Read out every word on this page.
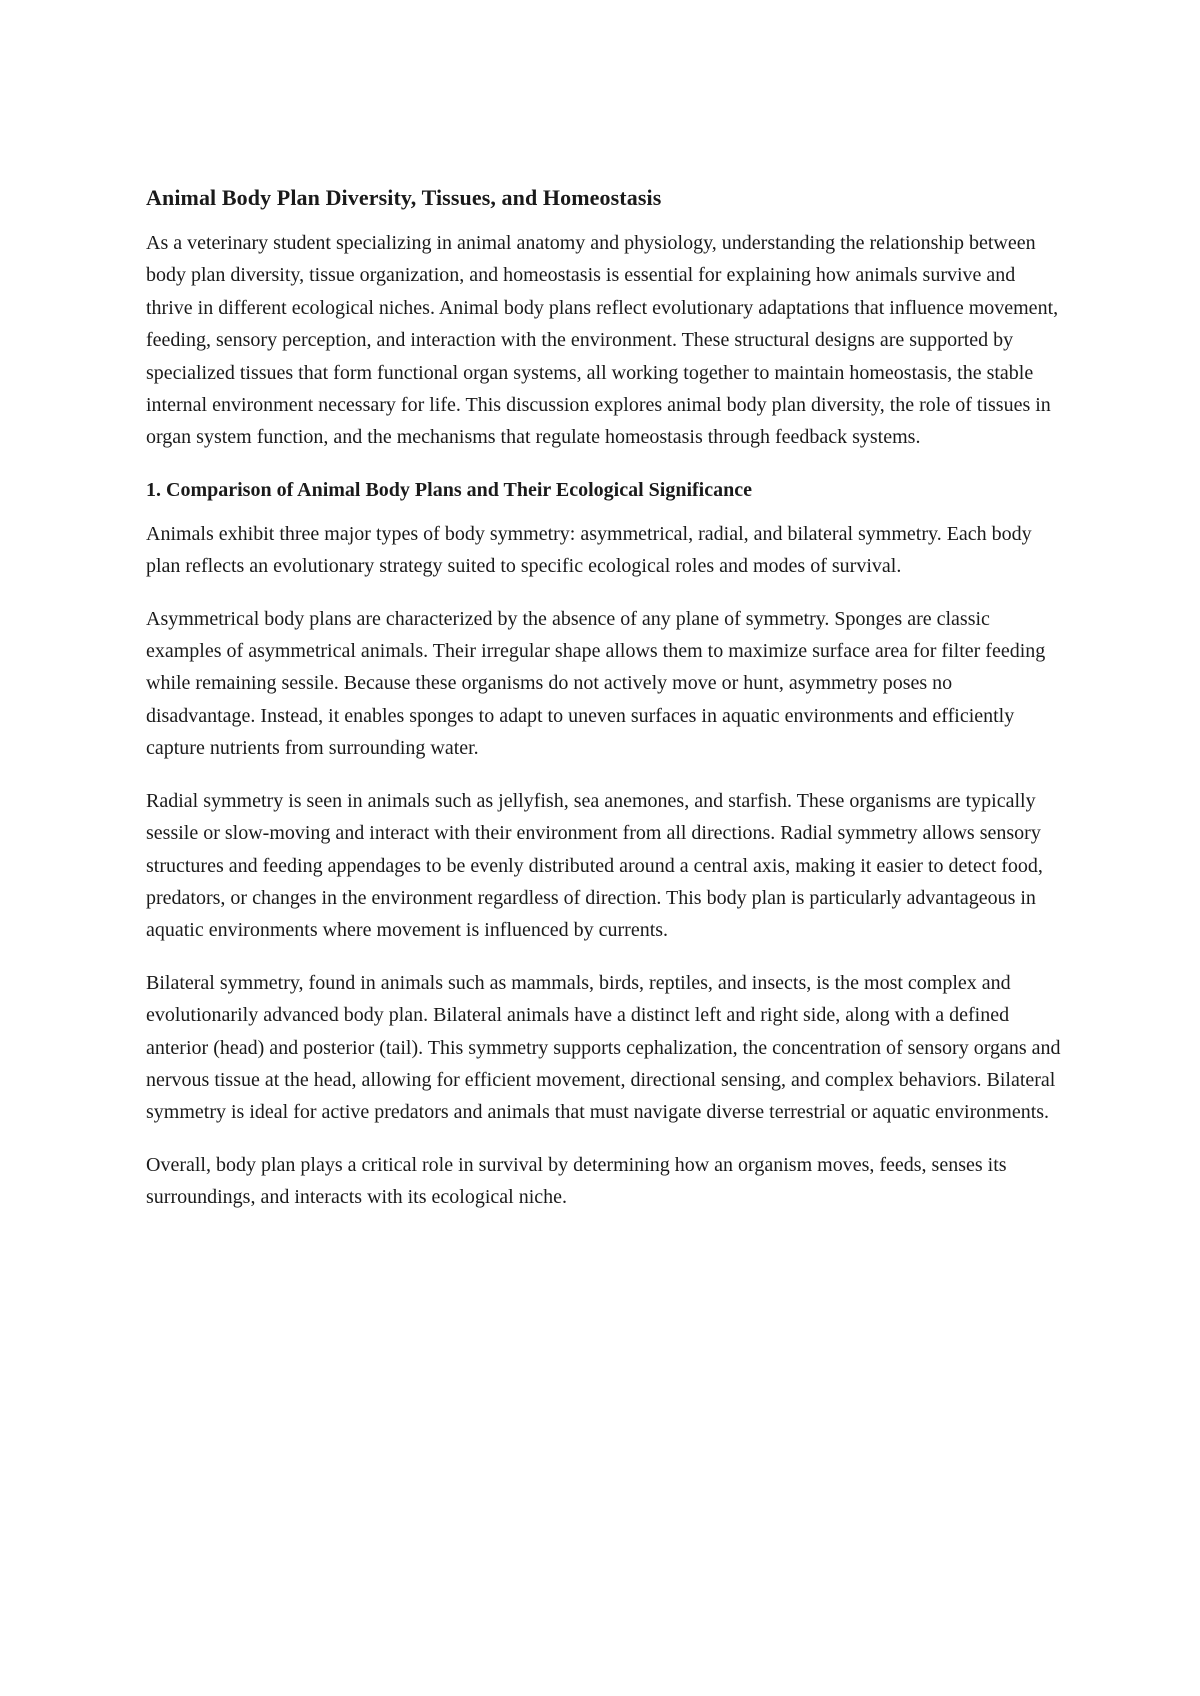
Animal Body Plan Diversity, Tissues, and Homeostasis

As a veterinary student specializing in animal anatomy and physiology, understanding the relationship between body plan diversity, tissue organization, and homeostasis is essential for explaining how animals survive and thrive in different ecological niches. Animal body plans reflect evolutionary adaptations that influence movement, feeding, sensory perception, and interaction with the environment. These structural designs are supported by specialized tissues that form functional organ systems, all working together to maintain homeostasis, the stable internal environment necessary for life. This discussion explores animal body plan diversity, the role of tissues in organ system function, and the mechanisms that regulate homeostasis through feedback systems.

1. Comparison of Animal Body Plans and Their Ecological Significance

Animals exhibit three major types of body symmetry: asymmetrical, radial, and bilateral symmetry. Each body plan reflects an evolutionary strategy suited to specific ecological roles and modes of survival.

Asymmetrical body plans are characterized by the absence of any plane of symmetry. Sponges are classic examples of asymmetrical animals. Their irregular shape allows them to maximize surface area for filter feeding while remaining sessile. Because these organisms do not actively move or hunt, asymmetry poses no disadvantage. Instead, it enables sponges to adapt to uneven surfaces in aquatic environments and efficiently capture nutrients from surrounding water.

Radial symmetry is seen in animals such as jellyfish, sea anemones, and starfish. These organisms are typically sessile or slow-moving and interact with their environment from all directions. Radial symmetry allows sensory structures and feeding appendages to be evenly distributed around a central axis, making it easier to detect food, predators, or changes in the environment regardless of direction. This body plan is particularly advantageous in aquatic environments where movement is influenced by currents.

Bilateral symmetry, found in animals such as mammals, birds, reptiles, and insects, is the most complex and evolutionarily advanced body plan. Bilateral animals have a distinct left and right side, along with a defined anterior (head) and posterior (tail). This symmetry supports cephalization, the concentration of sensory organs and nervous tissue at the head, allowing for efficient movement, directional sensing, and complex behaviors. Bilateral symmetry is ideal for active predators and animals that must navigate diverse terrestrial or aquatic environments.

Overall, body plan plays a critical role in survival by determining how an organism moves, feeds, senses its surroundings, and interacts with its ecological niche.
